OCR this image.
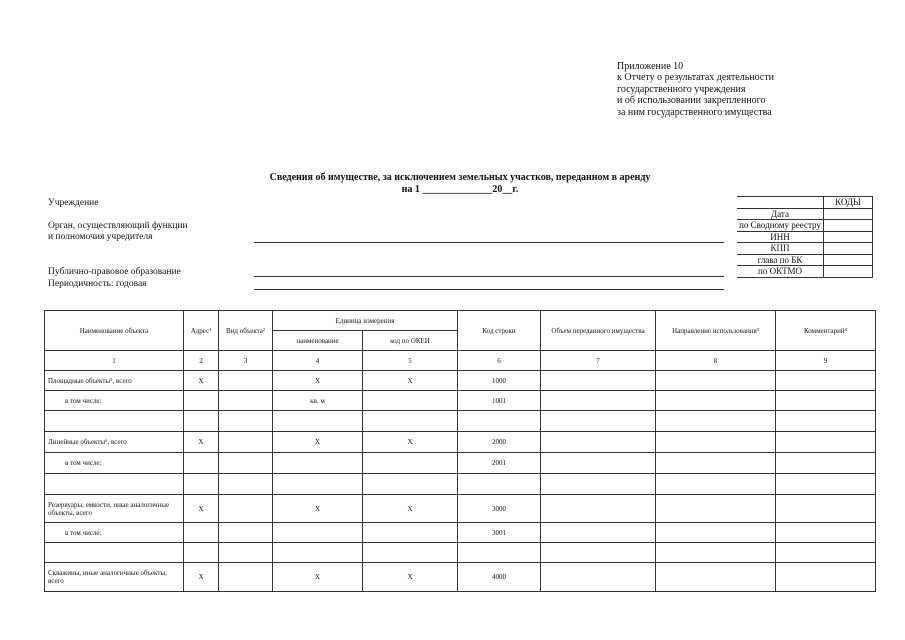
Приложение 10
к Отчету о результатах деятельности
государственного учреждения
и об использовании закрепленного
за ним государственного имущества
Сведения об имуществе, за исключением земельных участков, переданном в аренду
на 1 ______________20__г.
Учреждение
Орган, осуществляющий функции
и полномочия учредителя
Публично-правовое образование
Периодичность: годовая
	КОДЫ
Дата	
по Сводному реестру	
ИНН	
КПП	
глава по БК	
по ОКТМО	
Наименование объекта	Адрес¹	Вид объекта²	Единица измерения		Код строки	Объем переданного имущества	Направление использования³	Комментарий⁴
			наименование	код по ОКЕИ				
1	2	3	4	5	6	7	8	9
Площадные объекты⁵, всего	X		X	X	1000			
в том числе:			кв. м		1001			

Линейные объекты⁶, всего	X		X	X	2000			
в том числе:					2001			

Резервуары, емкости, иные аналогичные объекты, всего	X		X	X	3000			
в том числе:					3001			

Скважины, иные аналогичные объекты, всего	X		X	X	4000			
